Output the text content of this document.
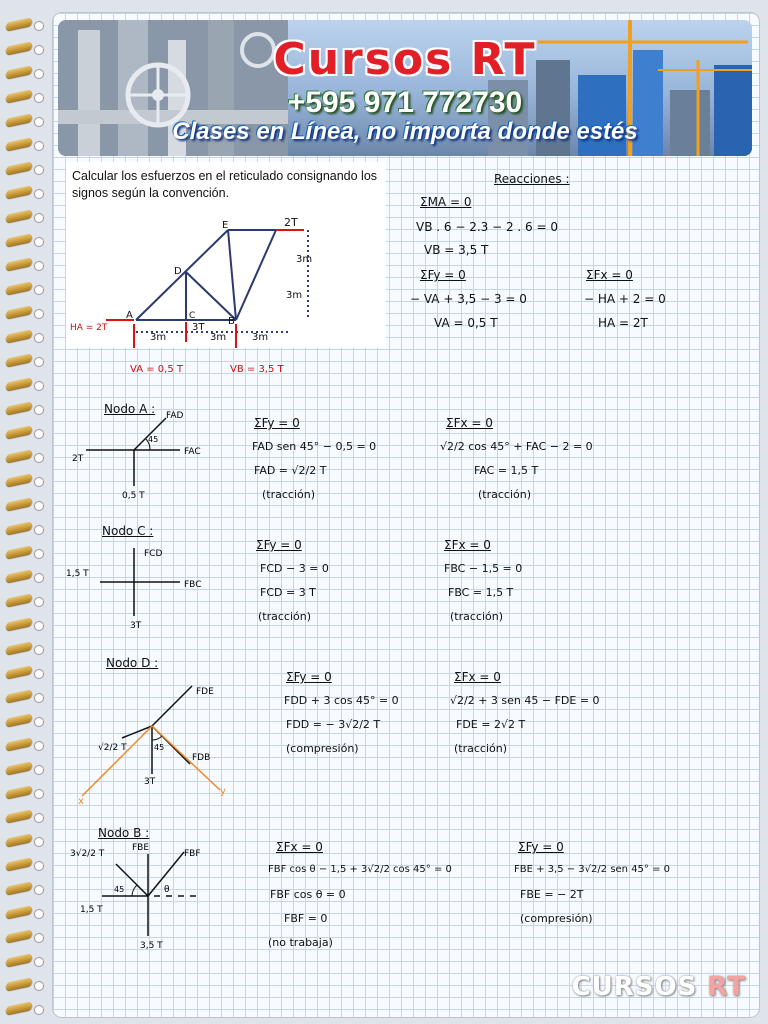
Cursos RT
+595 971 772730
Clases en Línea, no importa donde estés
Calcular los esfuerzos en el reticulado consignando los signos según la convención.
2T
3T
3m
3m
3m	3m	3m
A
B
C
D
E
HA = 2T
VA = 0,5 T	VB = 3,5 T
Reacciones :
ΣMA = 0
VB . 6 − 2.3 − 2 . 6 = 0
VB = 3,5 T
ΣFy = 0
− VA + 3,5 − 3 = 0
VA = 0,5 T
ΣFx = 0
− HA + 2 = 0
HA = 2T
Nodo A : FAD
FAC
2T
0,5 T
45
ΣFy = 0
FAD sen 45° − 0,5 = 0
FAD = √2/2 T
(tracción)
ΣFx = 0
√2/2 cos 45° + FAC − 2 = 0
FAC = 1,5 T
(tracción)
Nodo C :
FCD
FBC
1,5 T
3T
ΣFy = 0
FCD − 3 = 0
FCD = 3 T
(tracción)
ΣFx = 0
FBC − 1,5 = 0
FBC = 1,5 T
(tracción)
Nodo D :
FDE
FDB
√2/2 T
3T
45
x
y
ΣFy = 0
FDD + 3 cos 45° = 0
FDD = − 3√2/2 T
(compresión)
ΣFx = 0
√2/2 + 3 sen 45 − FDE = 0
FDE = 2√2 T
(tracción)
Nodo B :
3√2/2 T
FBE
FBF
1,5 T
3,5 T
45	θ
ΣFx = 0
FBF cos θ − 1,5 + 3√2/2 cos 45° = 0
FBF cos θ = 0
FBF = 0
(no trabaja)
ΣFy = 0
FBE + 3,5 − 3√2/2 sen 45° = 0
FBE = − 2T
(compresión)
CURSOS RT
